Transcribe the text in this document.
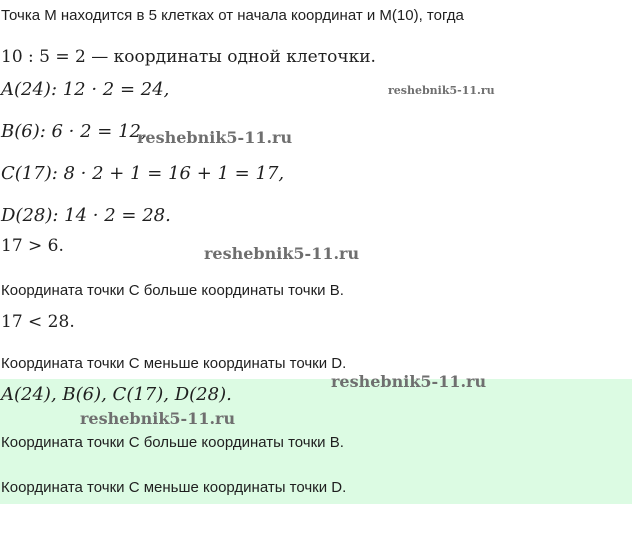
Точка M находится в 5 клетках от начала координат и M(10), тогда
10 : 5 = 2 — координаты одной клеточки.
A(24): 12 · 2 = 24,
B(6): 6 · 2 = 12,
C(17): 8 · 2 + 1 = 16 + 1 = 17,
D(28): 14 · 2 = 28.
17 > 6.
Координата точки C больше координаты точки B.
17 < 28.
Координата точки C меньше координаты точки D.
A(24), B(6), C(17), D(28).
Координата точки C больше координаты точки B.
Координата точки C меньше координаты точки D.
reshebnik5-11.ru
reshebnik5-11.ru
reshebnik5-11.ru
reshebnik5-11.ru
reshebnik5-11.ru
